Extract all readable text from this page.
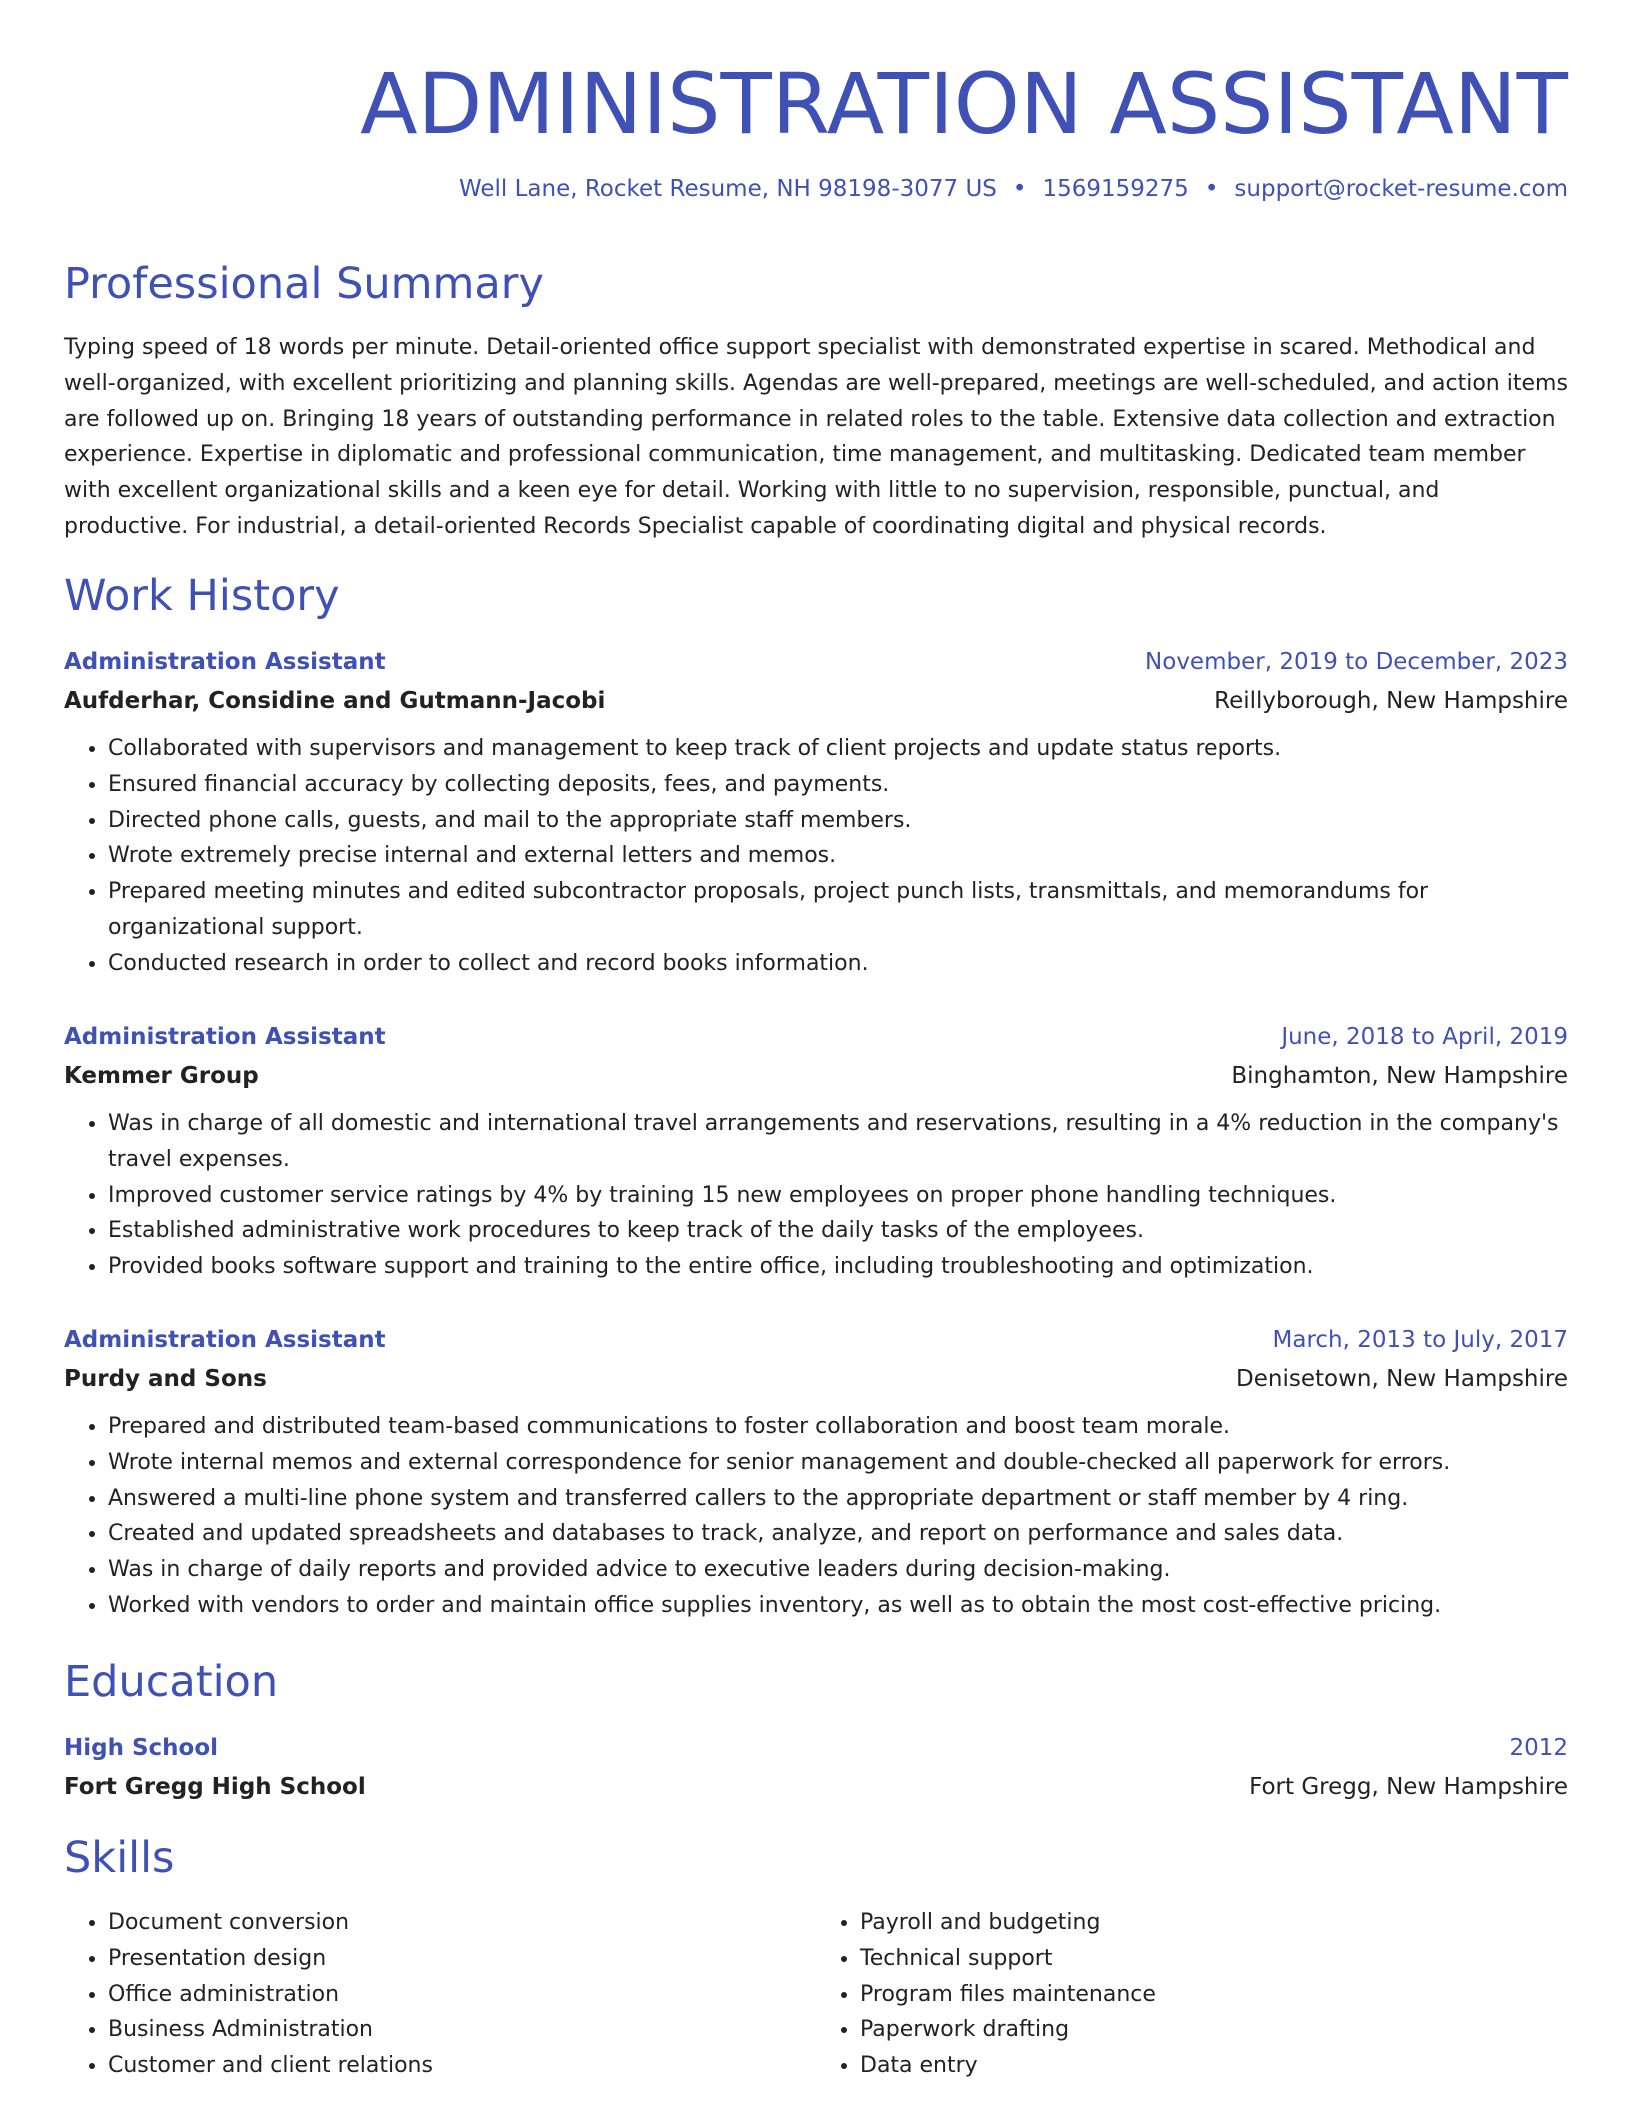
ADMINISTRATION ASSISTANT
Well Lane, Rocket Resume, NH 98198-3077 US • 1569159275 • support@rocket-resume.com
Professional Summary

Typing speed of 18 words per minute. Detail-oriented office support specialist with demonstrated expertise in scared. Methodical and well-organized, with excellent prioritizing and planning skills. Agendas are well-prepared, meetings are well-scheduled, and action items are followed up on. Bringing 18 years of outstanding performance in related roles to the table. Extensive data collection and extraction experience. Expertise in diplomatic and professional communication, time management, and multitasking. Dedicated team member with excellent organizational skills and a keen eye for detail. Working with little to no supervision, responsible, punctual, and productive. For industrial, a detail-oriented Records Specialist capable of coordinating digital and physical records.

Work History
Administration Assistant	November, 2019 to December, 2023
Aufderhar, Considine and Gutmann-Jacobi	Reillyborough, New Hampshire
• Collaborated with supervisors and management to keep track of client projects and update status reports.
• Ensured financial accuracy by collecting deposits, fees, and payments.
• Directed phone calls, guests, and mail to the appropriate staff members.
• Wrote extremely precise internal and external letters and memos.
• Prepared meeting minutes and edited subcontractor proposals, project punch lists, transmittals, and memorandums for organizational support.
• Conducted research in order to collect and record books information.
Administration Assistant	June, 2018 to April, 2019
Kemmer Group	Binghamton, New Hampshire
• Was in charge of all domestic and international travel arrangements and reservations, resulting in a 4% reduction in the company's travel expenses.
• Improved customer service ratings by 4% by training 15 new employees on proper phone handling techniques.
• Established administrative work procedures to keep track of the daily tasks of the employees.
• Provided books software support and training to the entire office, including troubleshooting and optimization.
Administration Assistant	March, 2013 to July, 2017
Purdy and Sons	Denisetown, New Hampshire
• Prepared and distributed team-based communications to foster collaboration and boost team morale.
• Wrote internal memos and external correspondence for senior management and double-checked all paperwork for errors.
• Answered a multi-line phone system and transferred callers to the appropriate department or staff member by 4 ring.
• Created and updated spreadsheets and databases to track, analyze, and report on performance and sales data.
• Was in charge of daily reports and provided advice to executive leaders during decision-making.
• Worked with vendors to order and maintain office supplies inventory, as well as to obtain the most cost-effective pricing.
Education
High School	2012
Fort Gregg High School	Fort Gregg, New Hampshire
Skills
• Document conversion
• Presentation design
• Office administration
• Business Administration
• Customer and client relations
• Payroll and budgeting
• Technical support
• Program files maintenance
• Paperwork drafting
• Data entry
